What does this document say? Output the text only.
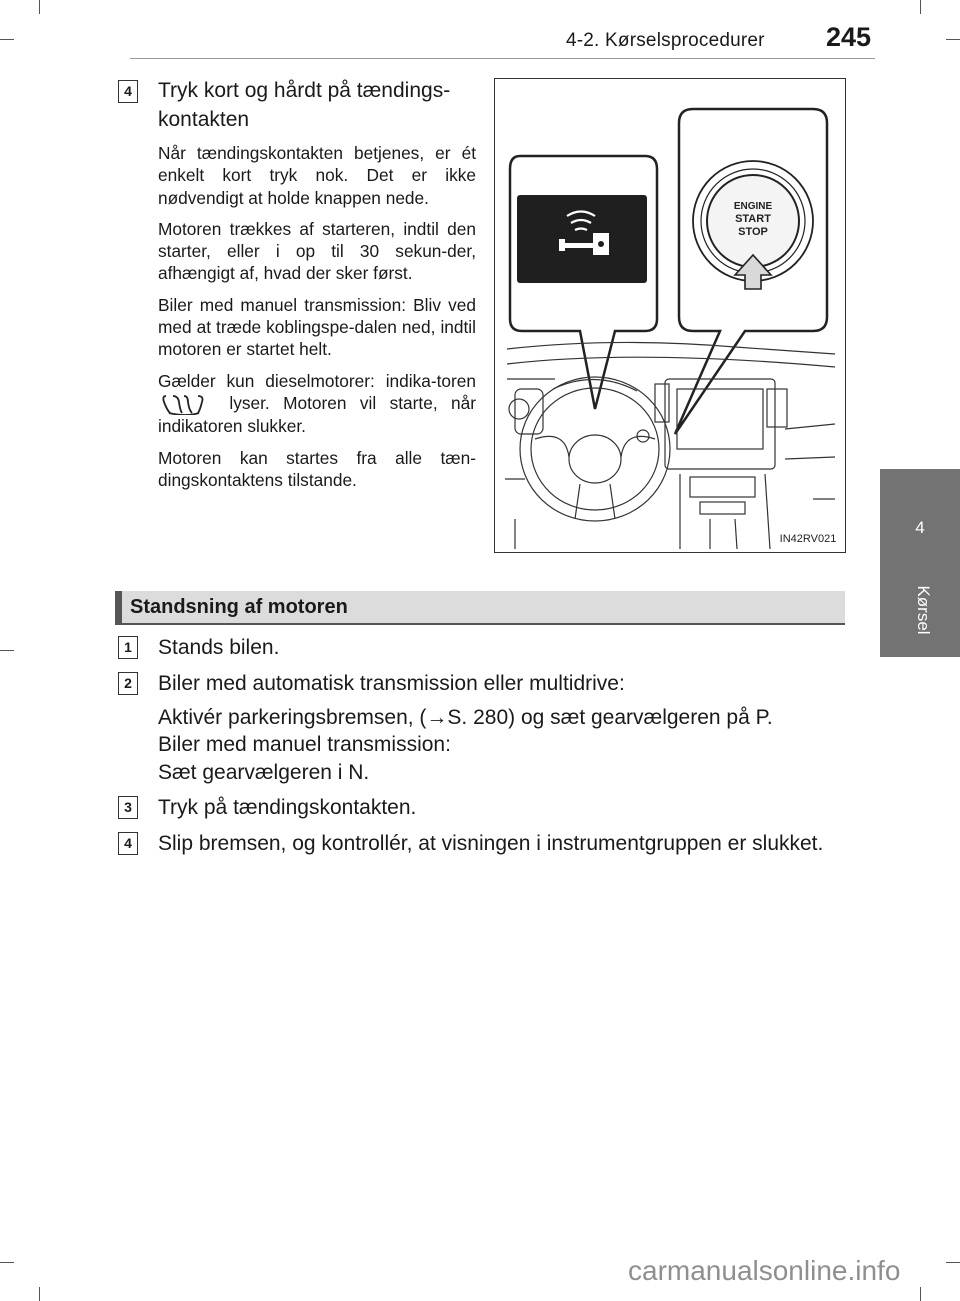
4-2. Kørselsprocedurer 245
4
Kørsel
4 Tryk kort og hårdt på tændings-kontakten

Når tændingskontakten betjenes, er ét enkelt kort tryk nok. Det er ikke nødvendigt at holde knappen nede.

Motoren trækkes af starteren, indtil den starter, eller i op til 30 sekun-der, afhængigt af, hvad der sker først.

Biler med manuel transmission: Bliv ved med at træde koblingspe-dalen ned, indtil motoren er startet helt.

Gælder kun dieselmotorer: indika-toren  lyser. Motoren vil starte, når indikatoren slukker.

Motoren kan startes fra alle tæn-dingskontaktens tilstande.

ENGINE
START
STOP
IN42RV021
Standsning af motoren
1 Stands bilen.
2 Biler med automatisk transmission eller multidrive:
Aktivér parkeringsbremsen, (→S. 280) og sæt gearvælgeren på P.
Biler med manuel transmission:
Sæt gearvælgeren i N.
3 Tryk på tændingskontakten.
4 Slip bremsen, og kontrollér, at visningen i instrumentgruppen er slukket.
carmanualsonline.info
